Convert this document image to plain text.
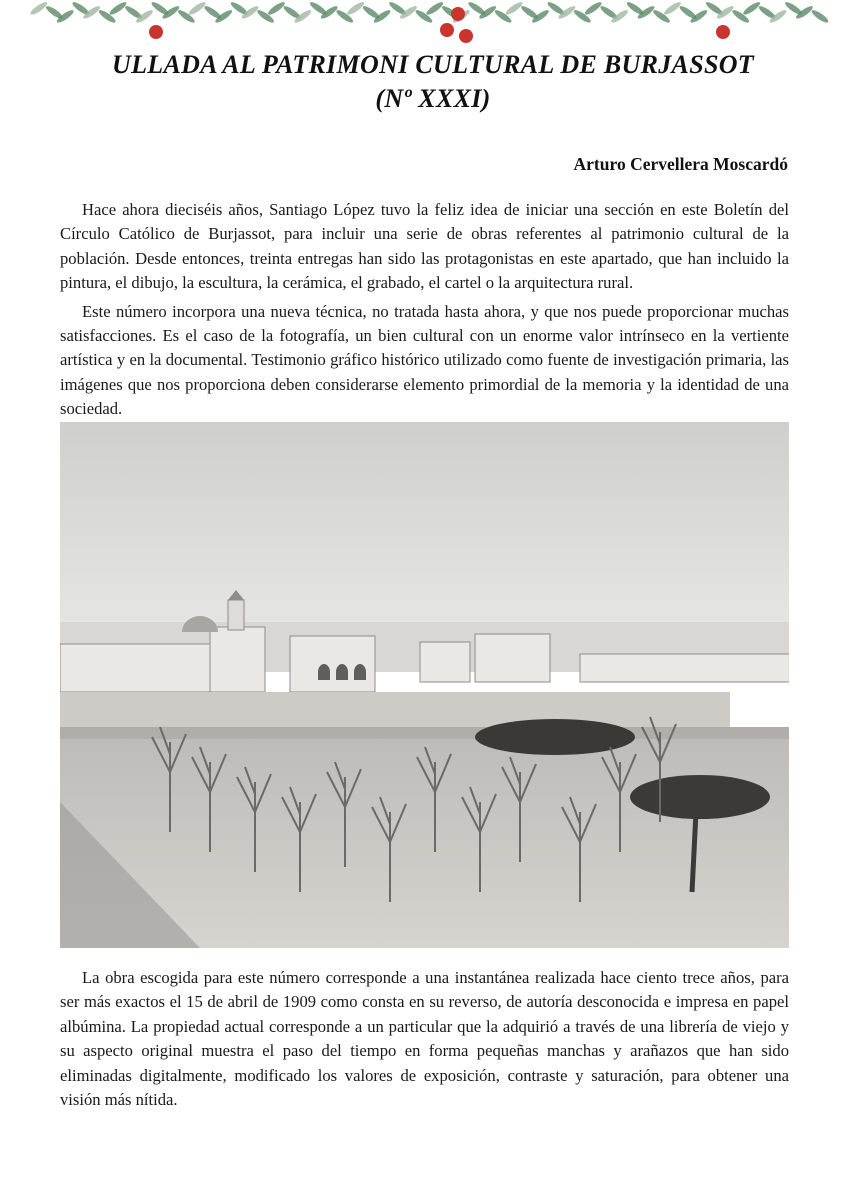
ULLADA AL PATRIMONI CULTURAL DE BURJASSOT
(Nº XXXI)
Arturo Cervellera Moscardó

Hace ahora dieciséis años, Santiago López tuvo la feliz idea de iniciar una sección en este Boletín del Círculo Católico de Burjassot, para incluir una serie de obras referentes al patrimonio cultural de la población. Desde entonces, treinta entregas han sido las protagonistas en este apartado, que han incluido la pintura, el dibujo, la escultura, la cerámica, el grabado, el cartel o la arquitectura rural.

Este número incorpora una nueva técnica, no tratada hasta ahora, y que nos puede proporcionar muchas satisfacciones. Es el caso de la fotografía, un bien cultural con un enorme valor intrínseco en la vertiente artística y en la documental. Testimonio gráfico histórico utilizado como fuente de investigación primaria, las imágenes que nos proporciona deben considerarse elemento primordial de la memoria y la identidad de una sociedad.

La obra escogida para este número corresponde a una instantánea realizada hace ciento trece años, para ser más exactos el 15 de abril de 1909 como consta en su reverso, de autoría desconocida e impresa en papel albúmina. La propiedad actual corresponde a un particular que la adquirió a través de una librería de viejo y su aspecto original muestra el paso del tiempo en forma pequeñas manchas y arañazos que han sido eliminadas digitalmente, modificado los valores de exposición, contraste y saturación, para obtener una visión más nítida.
